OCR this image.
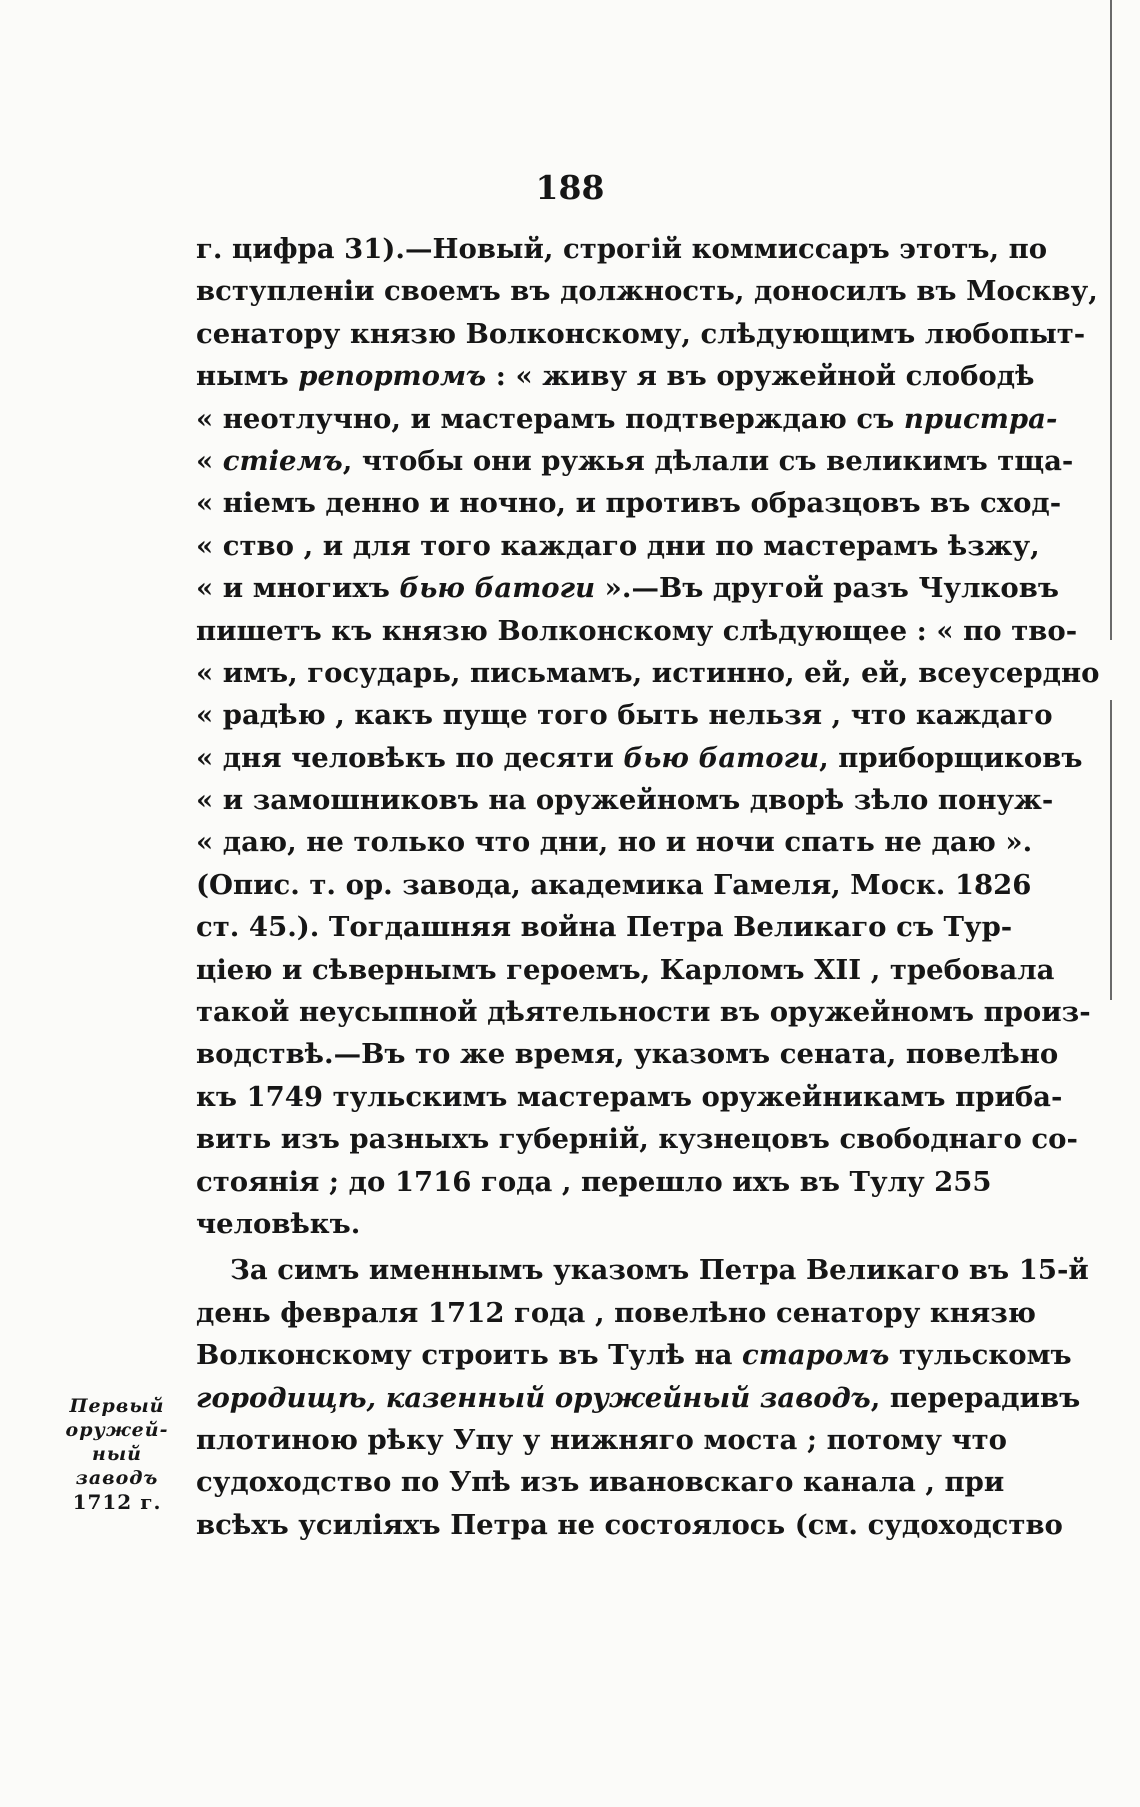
188
г. цифра 31).—Новый, строгій коммиссаръ этотъ, по
вступленіи своемъ въ должность, доносилъ въ Москву,
сенатору князю Волконскому, слѣдующимъ любопыт-
нымъ репортомъ : « живу я въ оружейной слободѣ
« неотлучно, и мастерамъ подтверждаю съ пристра-
« стіемъ, чтобы они ружья дѣлали съ великимъ тща-
« ніемъ денно и ночно, и противъ образцовъ въ сход-
« ство , и для того каждаго дни по мастерамъ ѣзжу,
« и многихъ бью батоги ».—Въ другой разъ Чулковъ
пишетъ къ князю Волконскому слѣдующее : « по тво-
« имъ, государь, письмамъ, истинно, ей, ей, всеусердно
« радѣю , какъ пуще того быть нельзя , что каждаго
« дня человѣкъ по десяти бью батоги, приборщиковъ
« и замошниковъ на оружейномъ дворѣ зѣло понуж-
« даю, не только что дни, но и ночи спать не даю ».
(Опис. т. ор. завода, академика Гамеля, Моск. 1826
ст. 45.). Тогдашняя война Петра Великаго съ Тур-
ціею и сѣвернымъ героемъ, Карломъ XII , требовала
такой неусыпной дѣятельности въ оружейномъ произ-
водствѣ.—Въ то же время, указомъ сената, повелѣно
къ 1749 тульскимъ мастерамъ оружейникамъ приба-
вить изъ разныхъ губерній, кузнецовъ свободнаго со-
стоянія ; до 1716 года , перешло ихъ въ Тулу 255
человѣкъ.
За симъ именнымъ указомъ Петра Великаго въ 15-й
день февраля 1712 года , повелѣно сенатору князю
Волконскому строить въ Тулѣ на старомъ тульскомъ
городищѣ, казенный оружейный заводъ, перерадивъ
плотиною рѣку Упу у нижняго моста ; потому что
судоходство по Упѣ изъ ивановскаго канала , при
всѣхъ усиліяхъ Петра не состоялось (см. судоходство
Первый
оружей-
ный заводъ
1712 г.
